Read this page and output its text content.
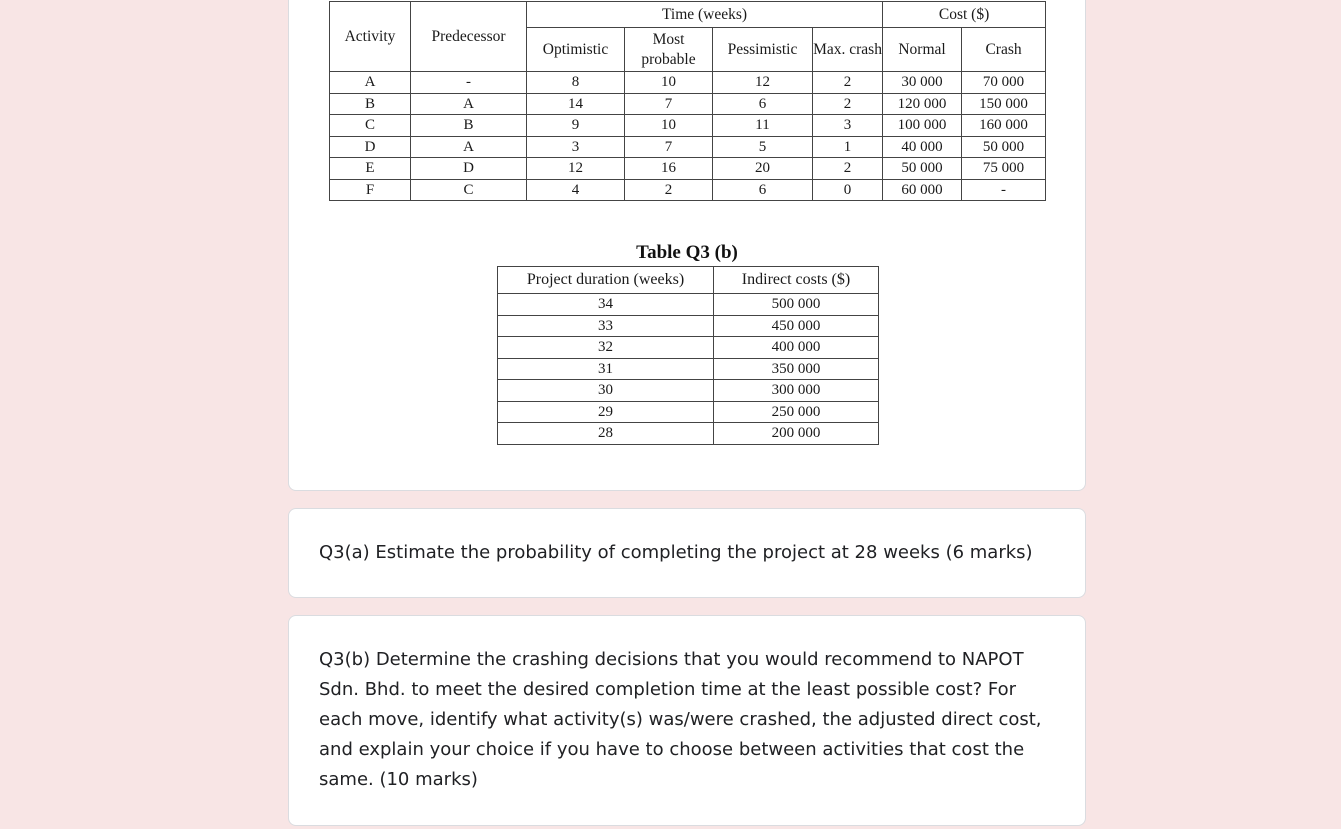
Activity	Predecessor	Time (weeks)				Cost ($)	
		Optimistic	Most probable	Pessimistic	Max. crash	Normal	Crash
A	-	8	10	12	2	30 000	70 000
B	A	14	7	6	2	120 000	150 000
C	B	9	10	11	3	100 000	160 000
D	A	3	7	5	1	40 000	50 000
E	D	12	16	20	2	50 000	75 000
F	C	4	2	6	0	60 000	-
Table Q3 (b)
Project duration (weeks)	Indirect costs ($)
34	500 000
33	450 000
32	400 000
31	350 000
30	300 000
29	250 000
28	200 000

Q3(a) Estimate the probability of completing the project at 28 weeks (6 marks)

Q3(b) Determine the crashing decisions that you would recommend to NAPOT Sdn. Bhd. to meet the desired completion time at the least possible cost? For each move, identify what activity(s) was/were crashed, the adjusted direct cost, and explain your choice if you have to choose between activities that cost the same. (10 marks)
